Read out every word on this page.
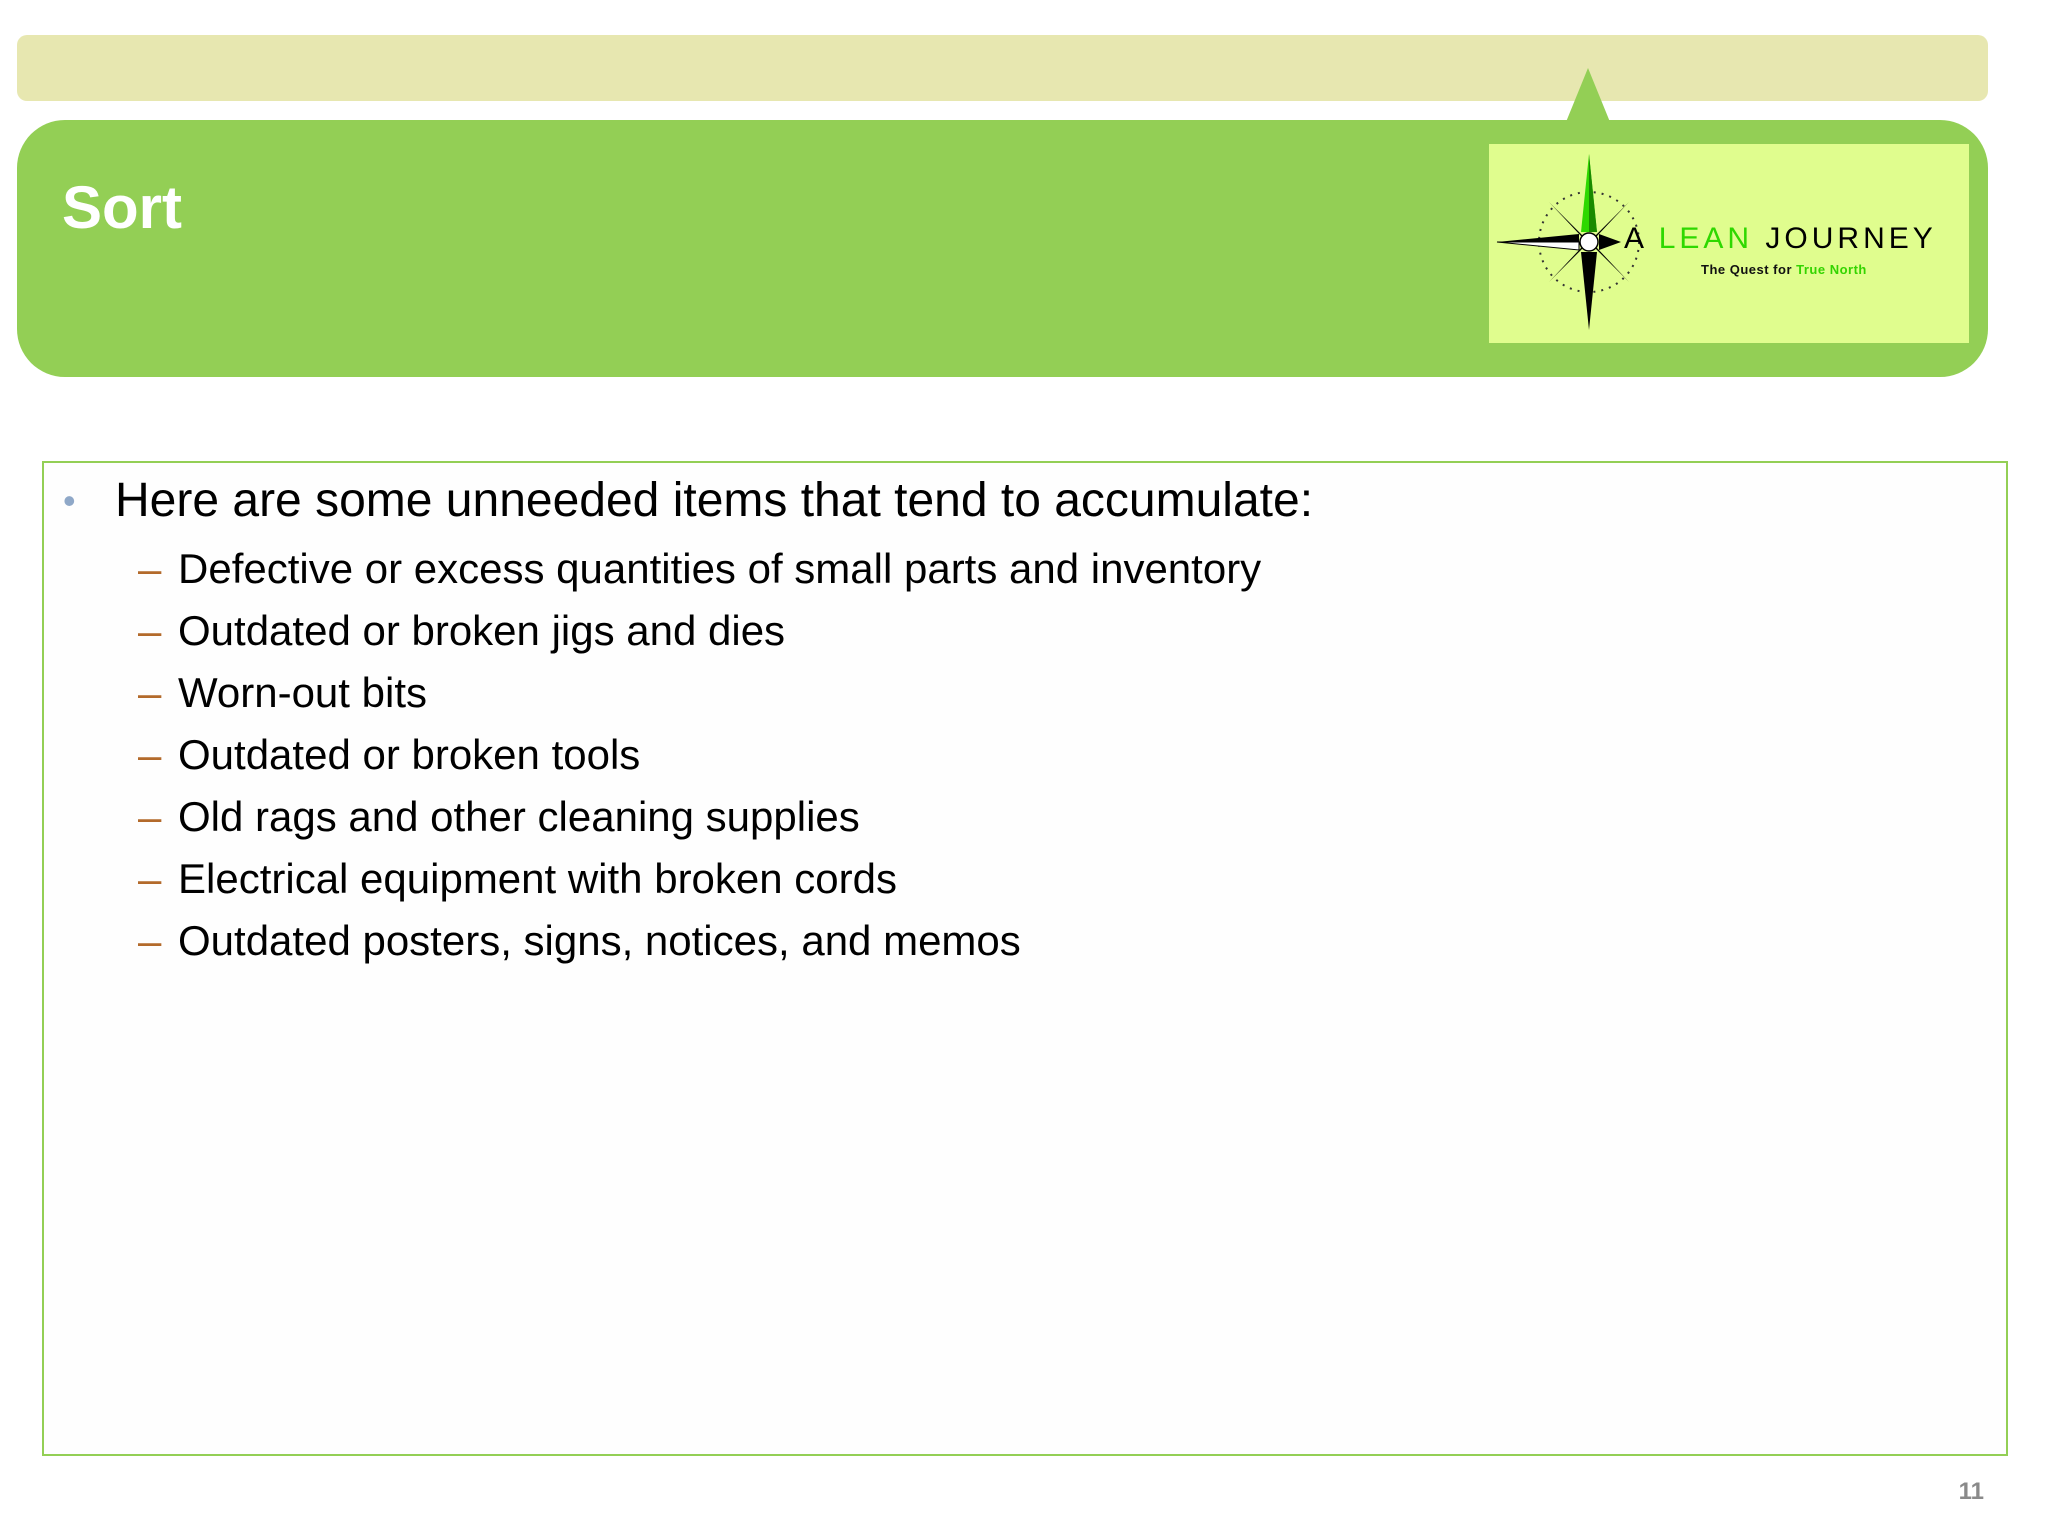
Sort	A LEAN JOURNEY
The Quest for True North
• Here are some unneeded items that tend to accumulate:
– Defective or excess quantities of small parts and inventory
– Outdated or broken jigs and dies
– Worn-out bits
– Outdated or broken tools
– Old rags and other cleaning supplies
– Electrical equipment with broken cords
– Outdated posters, signs, notices, and memos
11
